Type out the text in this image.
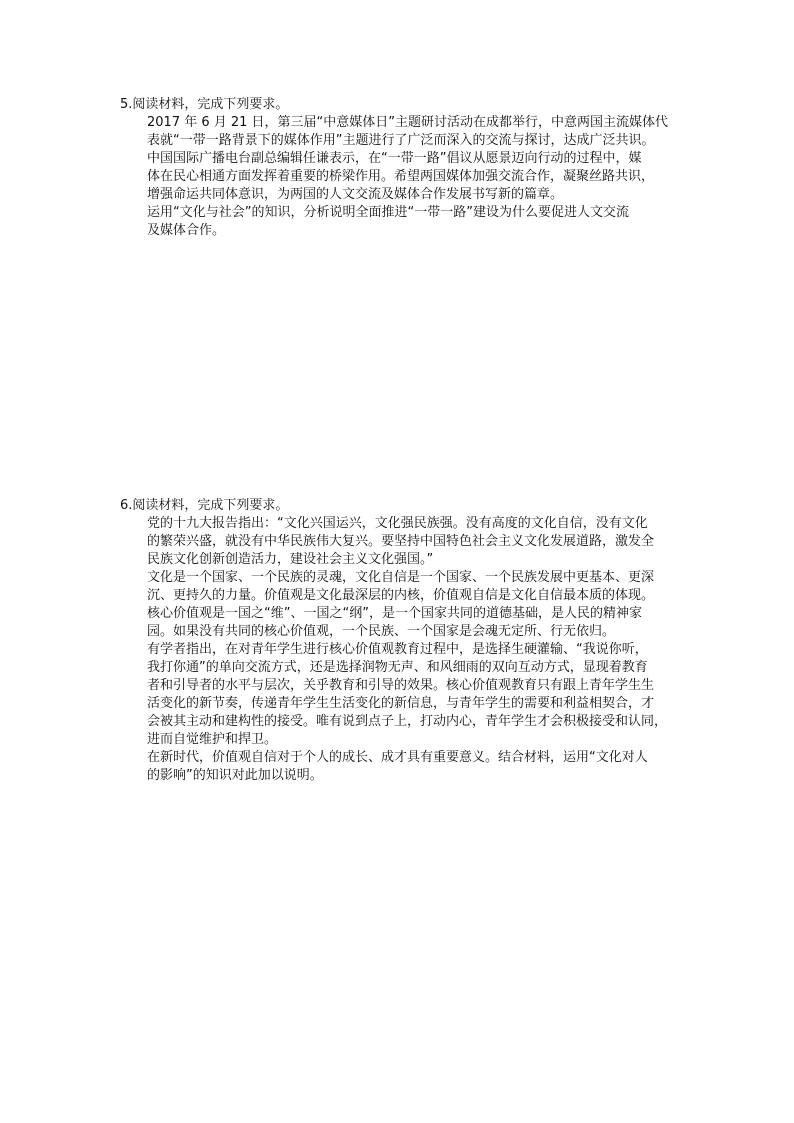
5.阅读材料，完成下列要求。

2017 年 6 月 21 日，第三届“中意媒体日”主题研讨活动在成都举行，中意两国主流媒体代
表就“一带一路背景下的媒体作用”主题进行了广泛而深入的交流与探讨，达成广泛共识。
中国国际广播电台副总编辑任谦表示，在“一带一路”倡议从愿景迈向行动的过程中，媒
体在民心相通方面发挥着重要的桥梁作用。希望两国媒体加强交流合作，凝聚丝路共识，
增强命运共同体意识，为两国的人文交流及媒体合作发展书写新的篇章。
运用“文化与社会”的知识，分析说明全面推进“一带一路”建设为什么要促进人文交流
及媒体合作。

6.阅读材料，完成下列要求。

党的十九大报告指出：“文化兴国运兴，文化强民族强。没有高度的文化自信，没有文化
的繁荣兴盛，就没有中华民族伟大复兴。要坚持中国特色社会主义文化发展道路，激发全
民族文化创新创造活力，建设社会主义文化强国。”
文化是一个国家、一个民族的灵魂，文化自信是一个国家、一个民族发展中更基本、更深
沉、更持久的力量。价值观是文化最深层的内核，价值观自信是文化自信最本质的体现。
核心价值观是一国之“维”、一国之“纲”，是一个国家共同的道德基础，是人民的精神家
园。如果没有共同的核心价值观，一个民族、一个国家是会魂无定所、行无依归。
有学者指出，在对青年学生进行核心价值观教育过程中，是选择生硬灌输、“我说你听，
我打你通”的单向交流方式，还是选择润物无声、和风细雨的双向互动方式，显现着教育
者和引导者的水平与层次，关乎教育和引导的效果。核心价值观教育只有跟上青年学生生
活变化的新节奏，传递青年学生生活变化的新信息，与青年学生的需要和利益相契合，才
会被其主动和建构性的接受。唯有说到点子上，打动内心，青年学生才会积极接受和认同，
进而自觉维护和捍卫。
在新时代，价值观自信对于个人的成长、成才具有重要意义。结合材料，运用“文化对人
的影响”的知识对此加以说明。
